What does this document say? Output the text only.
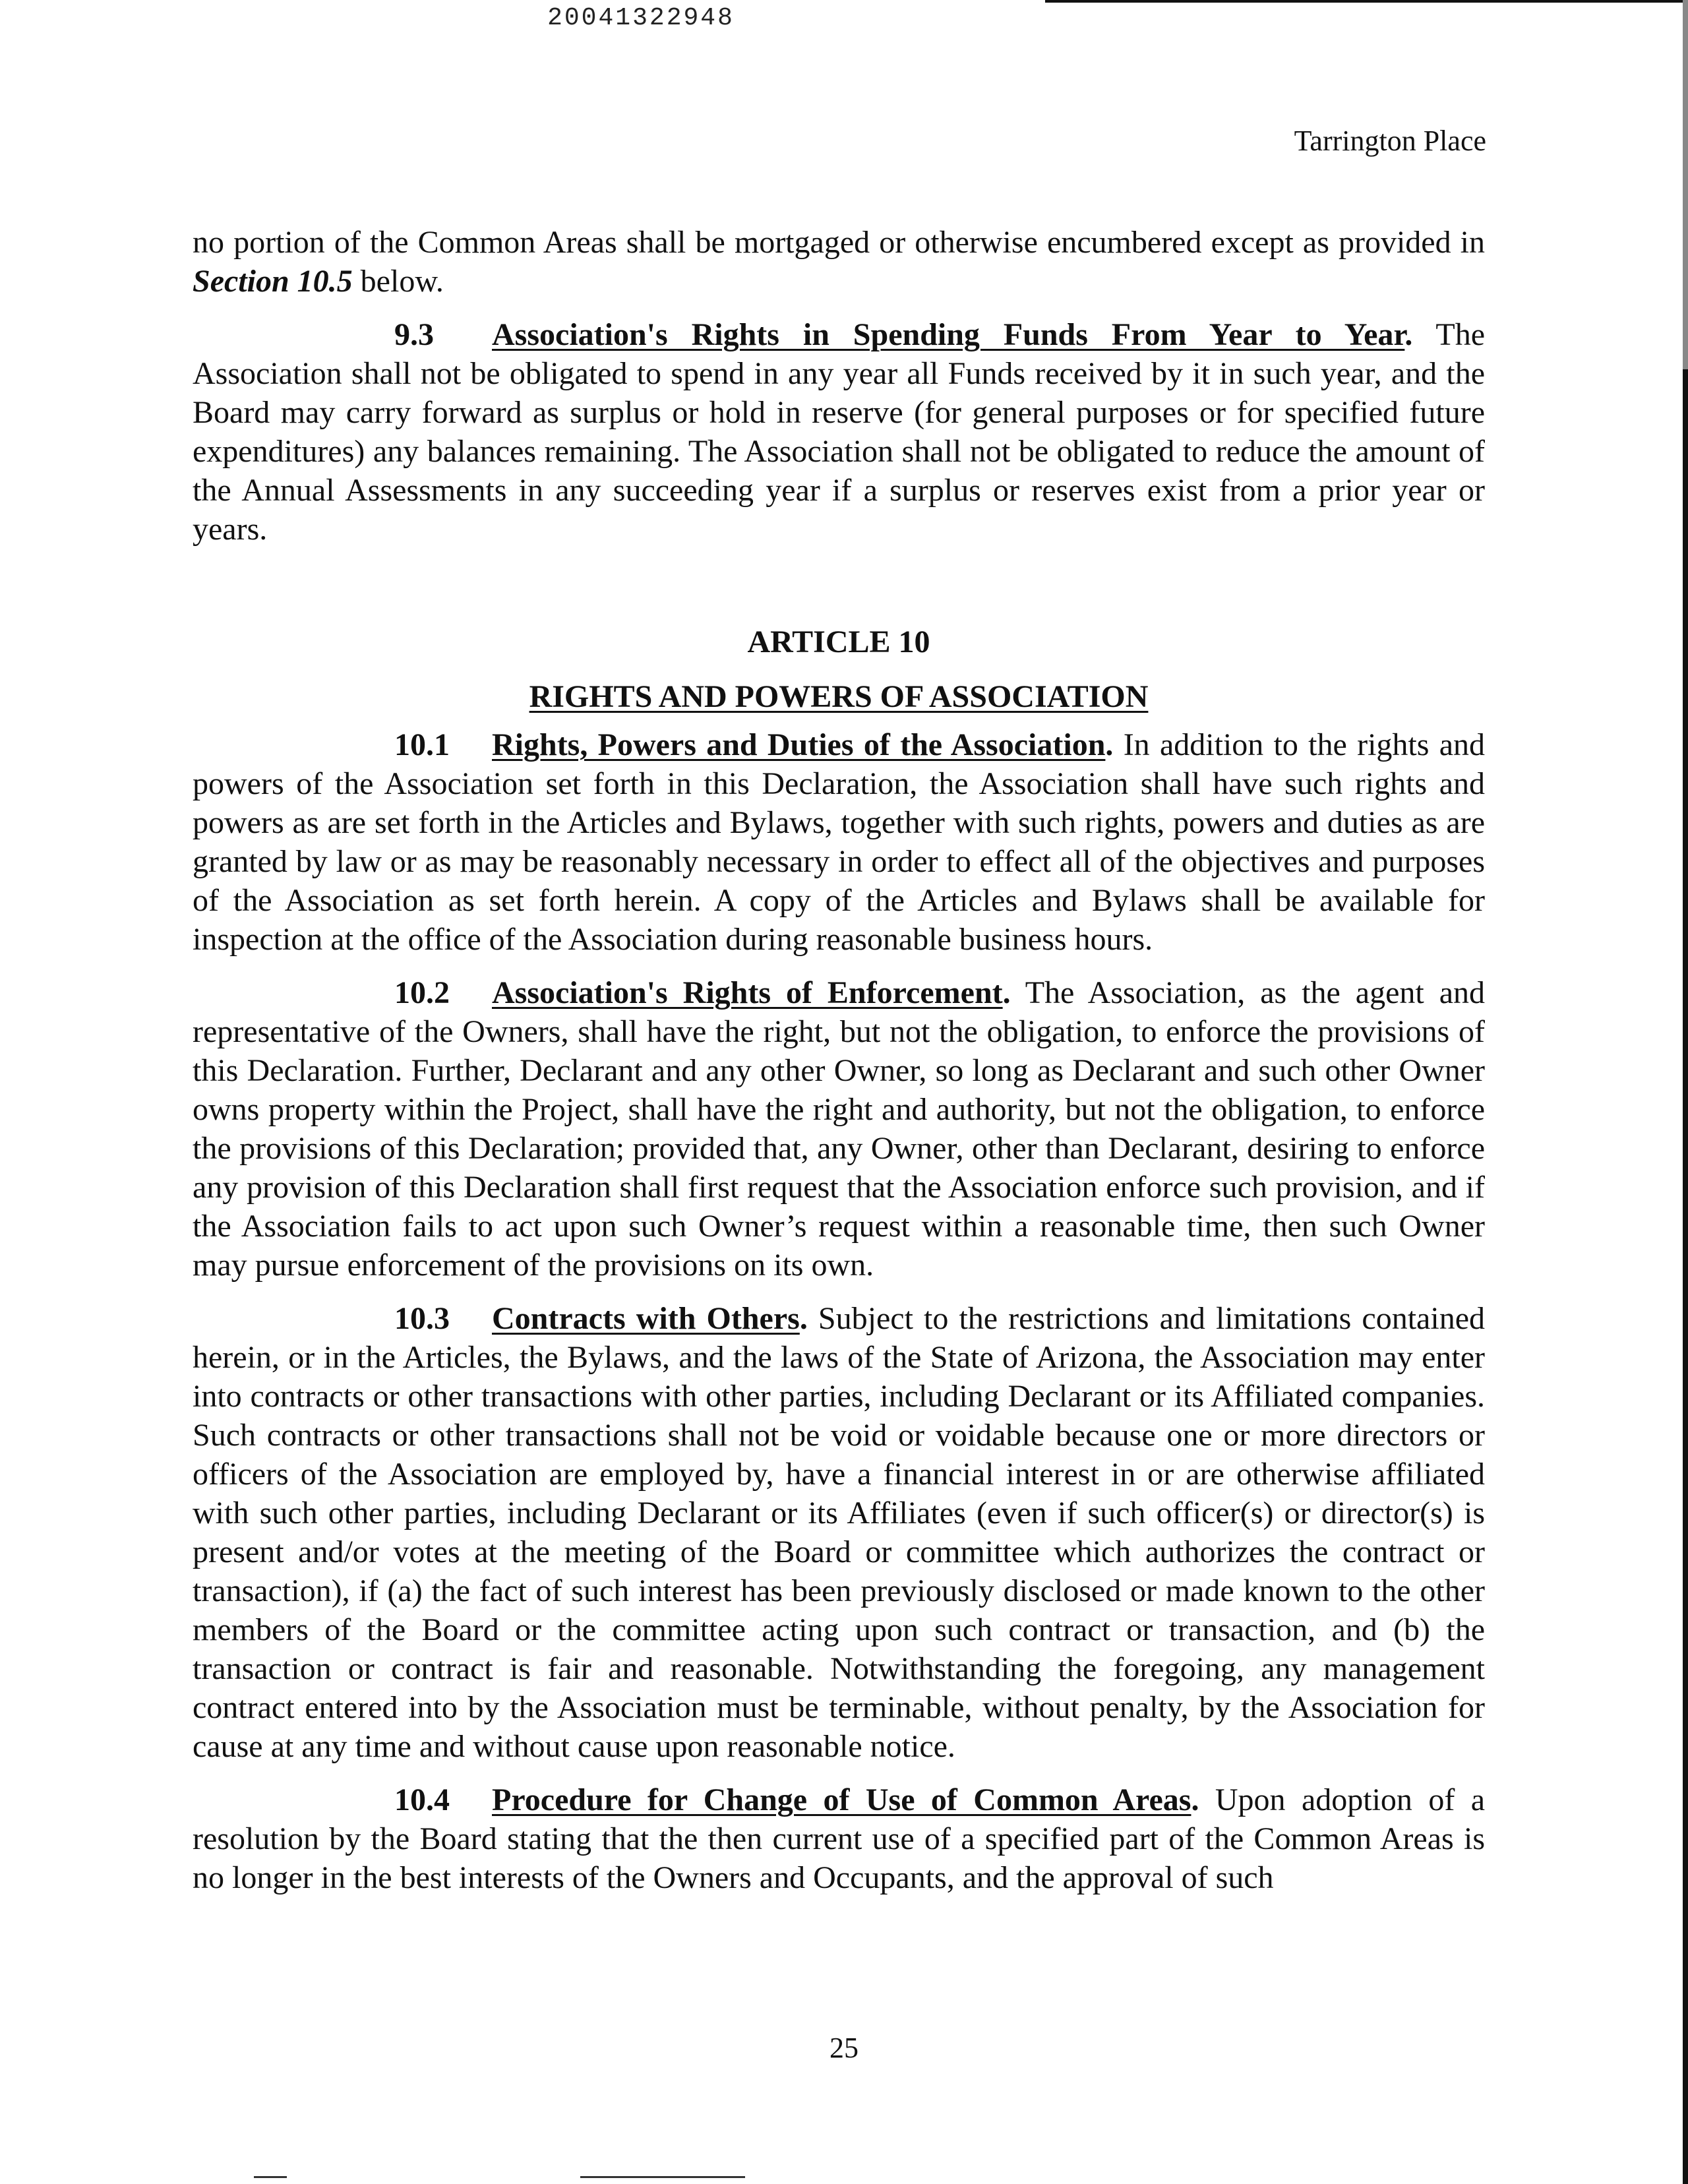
20041322948
Tarrington Place

no portion of the Common Areas shall be mortgaged or otherwise encumbered except as provided in Section 10.5 below.

9.3 Association's Rights in Spending Funds From Year to Year. The Association shall not be obligated to spend in any year all Funds received by it in such year, and the Board may carry forward as surplus or hold in reserve (for general purposes or for specified future expenditures) any balances remaining. The Association shall not be obligated to reduce the amount of the Annual Assessments in any succeeding year if a surplus or reserves exist from a prior year or years.

ARTICLE 10
RIGHTS AND POWERS OF ASSOCIATION

10.1 Rights, Powers and Duties of the Association. In addition to the rights and powers of the Association set forth in this Declaration, the Association shall have such rights and powers as are set forth in the Articles and Bylaws, together with such rights, powers and duties as are granted by law or as may be reasonably necessary in order to effect all of the objectives and purposes of the Association as set forth herein. A copy of the Articles and Bylaws shall be available for inspection at the office of the Association during reasonable business hours.

10.2 Association's Rights of Enforcement. The Association, as the agent and representative of the Owners, shall have the right, but not the obligation, to enforce the provisions of this Declaration. Further, Declarant and any other Owner, so long as Declarant and such other Owner owns property within the Project, shall have the right and authority, but not the obligation, to enforce the provisions of this Declaration; provided that, any Owner, other than Declarant, desiring to enforce any provision of this Declaration shall first request that the Association enforce such provision, and if the Association fails to act upon such Owner’s request within a reasonable time, then such Owner may pursue enforcement of the provisions on its own.

10.3 Contracts with Others. Subject to the restrictions and limitations contained herein, or in the Articles, the Bylaws, and the laws of the State of Arizona, the Association may enter into contracts or other transactions with other parties, including Declarant or its Affiliated companies. Such contracts or other transactions shall not be void or voidable because one or more directors or officers of the Association are employed by, have a financial interest in or are otherwise affiliated with such other parties, including Declarant or its Affiliates (even if such officer(s) or director(s) is present and/or votes at the meeting of the Board or committee which authorizes the contract or transaction), if (a) the fact of such interest has been previously disclosed or made known to the other members of the Board or the committee acting upon such contract or transaction, and (b) the transaction or contract is fair and reasonable. Notwithstanding the foregoing, any management contract entered into by the Association must be terminable, without penalty, by the Association for cause at any time and without cause upon reasonable notice.

10.4 Procedure for Change of Use of Common Areas. Upon adoption of a resolution by the Board stating that the then current use of a specified part of the Common Areas is no longer in the best interests of the Owners and Occupants, and the approval of such

25
